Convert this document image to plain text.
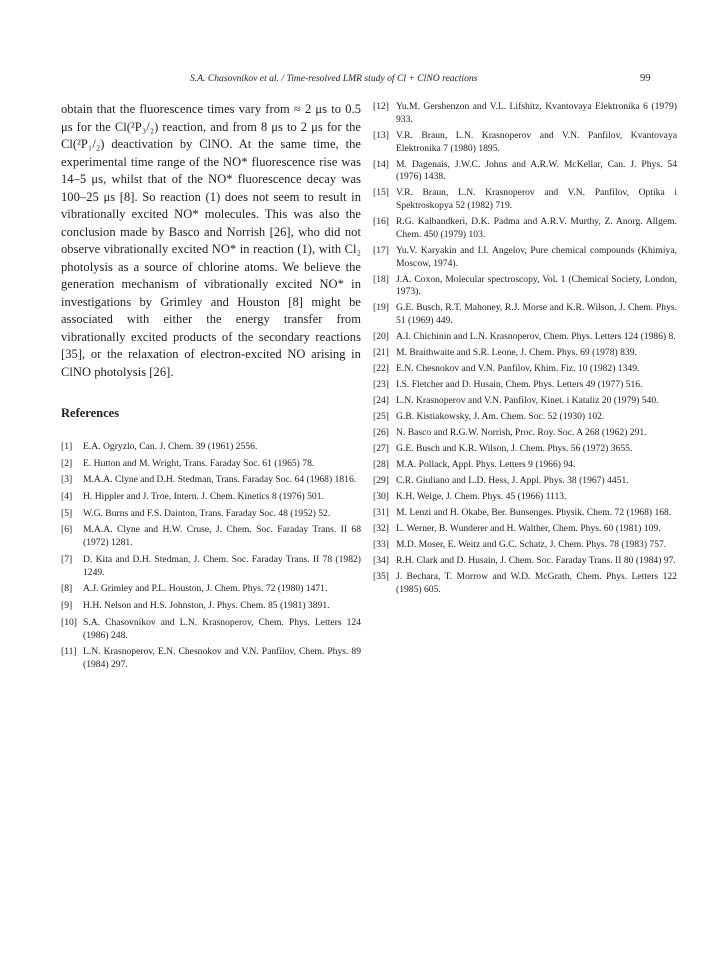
S.A. Chasovnikov et al. / Time-resolved LMR study of Cl + ClNO reactions	99

obtain that the fluorescence times vary from ≈ 2 μs to 0.5 μs for the Cl(²P₃/₂) reaction, and from 8 μs to 2 μs for the Cl(²P₁/₂) deactivation by ClNO. At the same time, the experimental time range of the NO* fluorescence rise was 14–5 μs, whilst that of the NO* fluorescence decay was 100–25 μs [8]. So reaction (1) does not seem to result in vibrationally excited NO* molecules. This was also the conclusion made by Basco and Norrish [26], who did not observe vibrationally excited NO* in reaction (1), with Cl₂ photolysis as a source of chlorine atoms. We believe the generation mechanism of vibrationally excited NO* in investigations by Grimley and Houston [8] might be associated with either the energy transfer from vibrationally excited products of the secondary reactions [35], or the relaxation of electron-excited NO arising in ClNO photolysis [26].

References
[1] E.A. Ogryzlo, Can. J. Chem. 39 (1961) 2556.
[2] E. Hutton and M. Wright, Trans. Faraday Soc. 61 (1965) 78.
[3] M.A.A. Clyne and D.H. Stedman, Trans. Faraday Soc. 64 (1968) 1816.
[4] H. Hippler and J. Troe, Intern. J. Chem. Kinetics 8 (1976) 501.
[5] W.G. Burns and F.S. Dainton, Trans. Faraday Soc. 48 (1952) 52.
[6] M.A.A. Clyne and H.W. Cruse, J. Chem. Soc. Faraday Trans. II 68 (1972) 1281.
[7] D. Kita and D.H. Stedman, J. Chem. Soc. Faraday Trans. II 78 (1982) 1249.
[8] A.J. Grimley and P.L. Houston, J. Chem. Phys. 72 (1980) 1471.
[9] H.H. Nelson and H.S. Johnston, J. Phys. Chem. 85 (1981) 3891.
[10] S.A. Chasovnikov and L.N. Krasnoperov, Chem. Phys. Letters 124 (1986) 248.
[11] L.N. Krasnoperov, E.N. Chesnokov and V.N. Panfilov, Chem. Phys. 89 (1984) 297.
[12] Yu.M. Gershenzon and V.L. Lifshitz, Kvantovaya Elektronika 6 (1979) 933.
[13] V.R. Braun, L.N. Krasnoperov and V.N. Panfilov, Kvantovaya Elektronika 7 (1980) 1895.
[14] M. Dagenais, J.W.C. Johns and A.R.W. McKellar, Can. J. Phys. 54 (1976) 1438.
[15] V.R. Braun, L.N. Krasnoperov and V.N. Panfilov, Optika i Spektroskopya 52 (1982) 719.
[16] R.G. Kalbandkeri, D.K. Padma and A.R.V. Murthy, Z. Anorg. Allgem. Chem. 450 (1979) 103.
[17] Yu.V. Karyakin and I.I. Angelov, Pure chemical compounds (Khimiya, Moscow, 1974).
[18] J.A. Coxon, Molecular spectroscopy, Vol. 1 (Chemical Society, London, 1973).
[19] G.E. Busch, R.T. Mahoney, R.J. Morse and K.R. Wilson, J. Chem. Phys. 51 (1969) 449.
[20] A.I. Chichinin and L.N. Krasnoperov, Chem. Phys. Letters 124 (1986) 8.
[21] M. Braithwaite and S.R. Leone, J. Chem. Phys. 69 (1978) 839.
[22] E.N. Chesnokov and V.N. Panfilov, Khim. Fiz. 10 (1982) 1349.
[23] I.S. Fletcher and D. Husain, Chem. Phys. Letters 49 (1977) 516.
[24] L.N. Krasnoperov and V.N. Panfilov, Kinet. i Kataliz 20 (1979) 540.
[25] G.B. Kistiakowsky, J. Am. Chem. Soc. 52 (1930) 102.
[26] N. Basco and R.G.W. Norrish, Proc. Roy. Soc. A 268 (1962) 291.
[27] G.E. Busch and K.R. Wilson, J. Chem. Phys. 56 (1972) 3655.
[28] M.A. Pollack, Appl. Phys. Letters 9 (1966) 94.
[29] C.R. Giuliano and L.D. Hess, J. Appl. Phys. 38 (1967) 4451.
[30] K.H. Welge, J. Chem. Phys. 45 (1966) 1113.
[31] M. Lenzi and H. Okabe, Ber. Bunsenges. Physik. Chem. 72 (1968) 168.
[32] L. Werner, B. Wunderer and H. Walther, Chem. Phys. 60 (1981) 109.
[33] M.D. Moser, E. Weitz and G.C. Schatz, J. Chem. Phys. 78 (1983) 757.
[34] R.H. Clark and D. Husain, J. Chem. Soc. Faraday Trans. II 80 (1984) 97.
[35] J. Bechara, T. Morrow and W.D. McGrath, Chem. Phys. Letters 122 (1985) 605.
